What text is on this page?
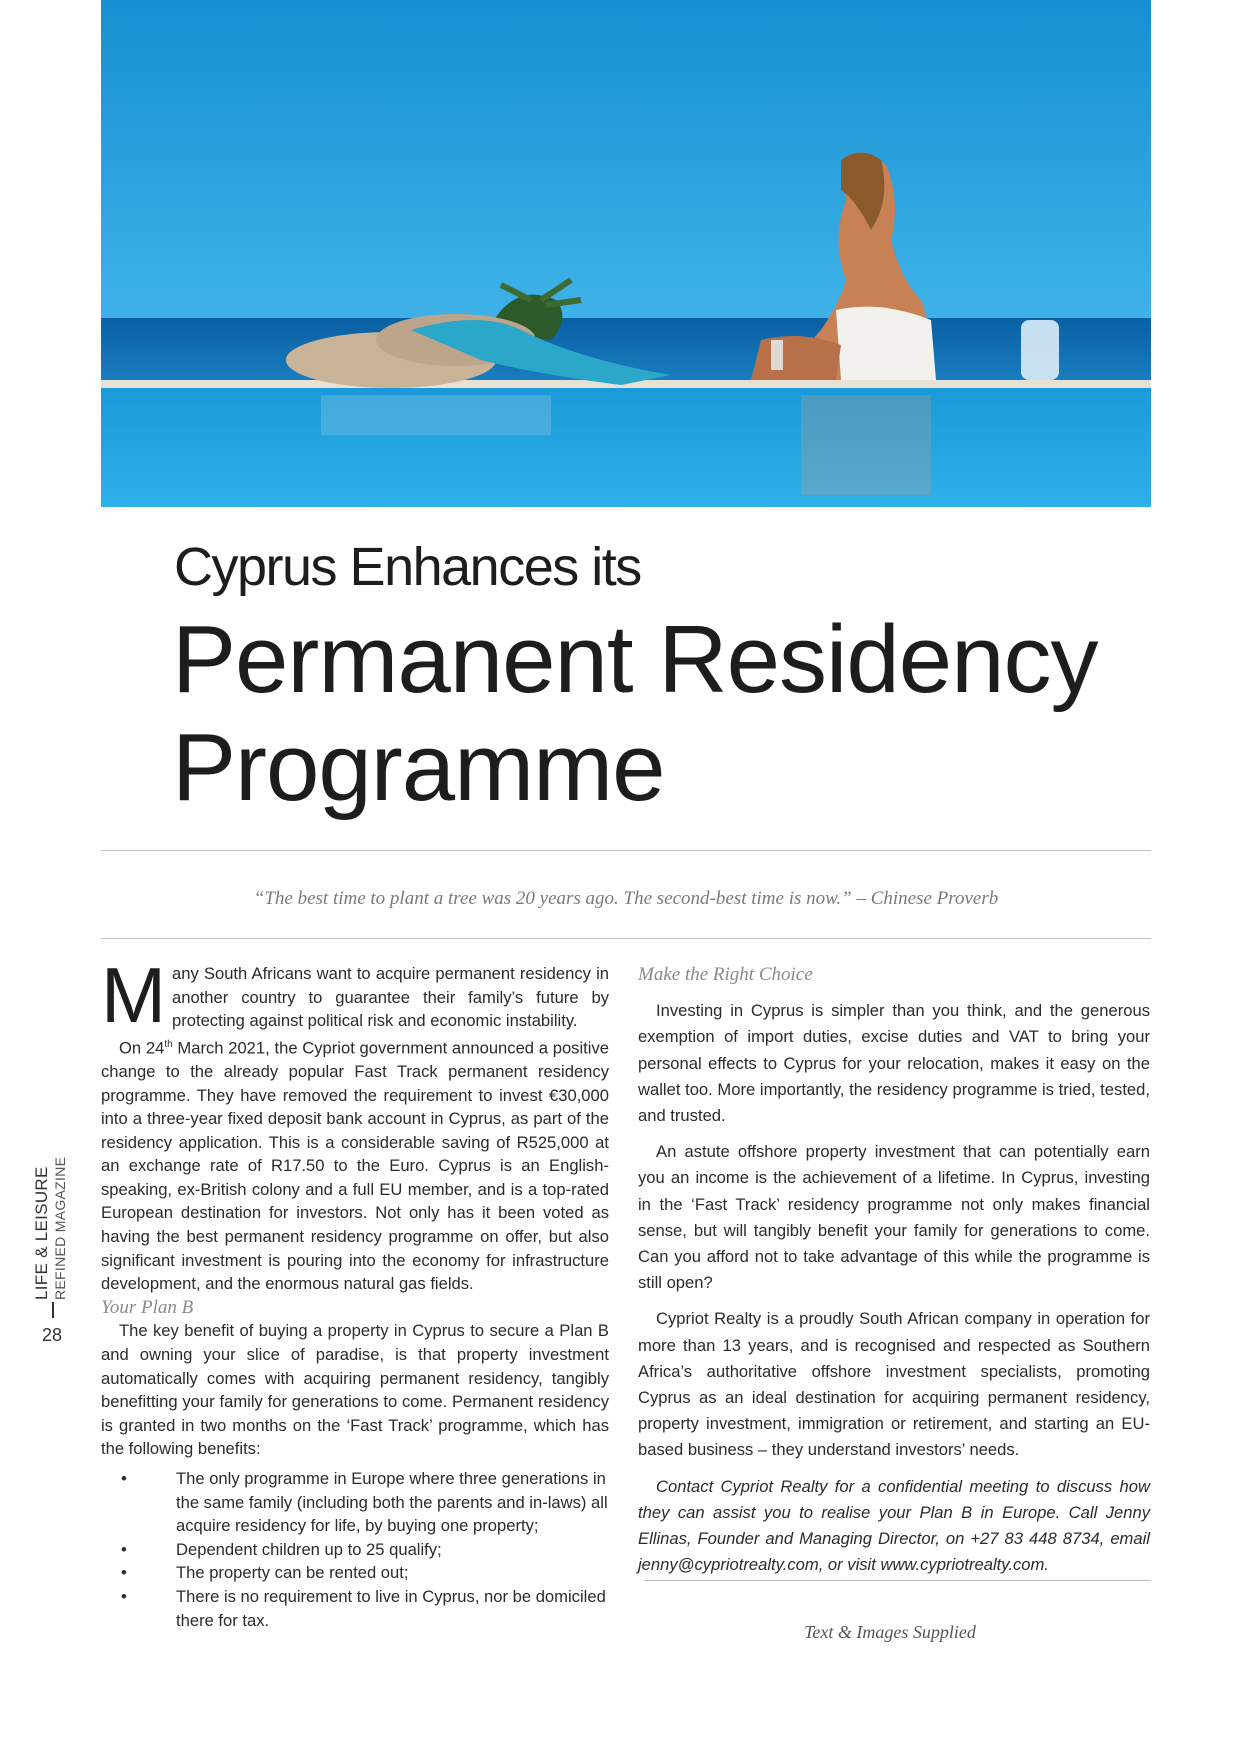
Cyprus Enhances its
Permanent Residency
Programme
“The best time to plant a tree was 20 years ago. The second-best time is now.” – Chinese Proverb

Many South Africans want to acquire permanent residency in another country to guarantee their family’s future by protecting against political risk and economic instability.

On 24th March 2021, the Cypriot government announced a positive change to the already popular Fast Track permanent residency programme. They have removed the requirement to invest €30,000 into a three-year fixed deposit bank account in Cyprus, as part of the residency application. This is a considerable saving of R525,000 at an exchange rate of R17.50 to the Euro. Cyprus is an English-speaking, ex-British colony and a full EU member, and is a top-rated European destination for investors. Not only has it been voted as having the best permanent residency programme on offer, but also significant investment is pouring into the economy for infrastructure development, and the enormous natural gas fields.

Your Plan B

The key benefit of buying a property in Cyprus to secure a Plan B and owning your slice of paradise, is that property investment automatically comes with acquiring permanent residency, tangibly benefitting your family for generations to come. Permanent residency is granted in two months on the ‘Fast Track’ programme, which has the following benefits:

•	The only programme in Europe where three generations in the same family (including both the parents and in-laws) all acquire residency for life, by buying one property;
•	Dependent children up to 25 qualify;
•	The property can be rented out;
•	There is no requirement to live in Cyprus, nor be domiciled there for tax.

Make the Right Choice

Investing in Cyprus is simpler than you think, and the generous exemption of import duties, excise duties and VAT to bring your personal effects to Cyprus for your relocation, makes it easy on the wallet too. More importantly, the residency programme is tried, tested, and trusted.

An astute offshore property investment that can potentially earn you an income is the achievement of a lifetime. In Cyprus, investing in the ‘Fast Track’ residency programme not only makes financial sense, but will tangibly benefit your family for generations to come. Can you afford not to take advantage of this while the programme is still open?

Cypriot Realty is a proudly South African company in operation for more than 13 years, and is recognised and respected as Southern Africa’s authoritative offshore investment specialists, promoting Cyprus as an ideal destination for acquiring permanent residency, property investment, immigration or retirement, and starting an EU-based business – they understand investors’ needs.

Contact Cypriot Realty for a confidential meeting to discuss how they can assist you to realise your Plan B in Europe. Call Jenny Ellinas, Founder and Managing Director, on +27 83 448 8734, email jenny@cypriotrealty.com, or visit www.cypriotrealty.com.

Text & Images Supplied
LIFE & LEISURE REFINED MAGAZINE
28
